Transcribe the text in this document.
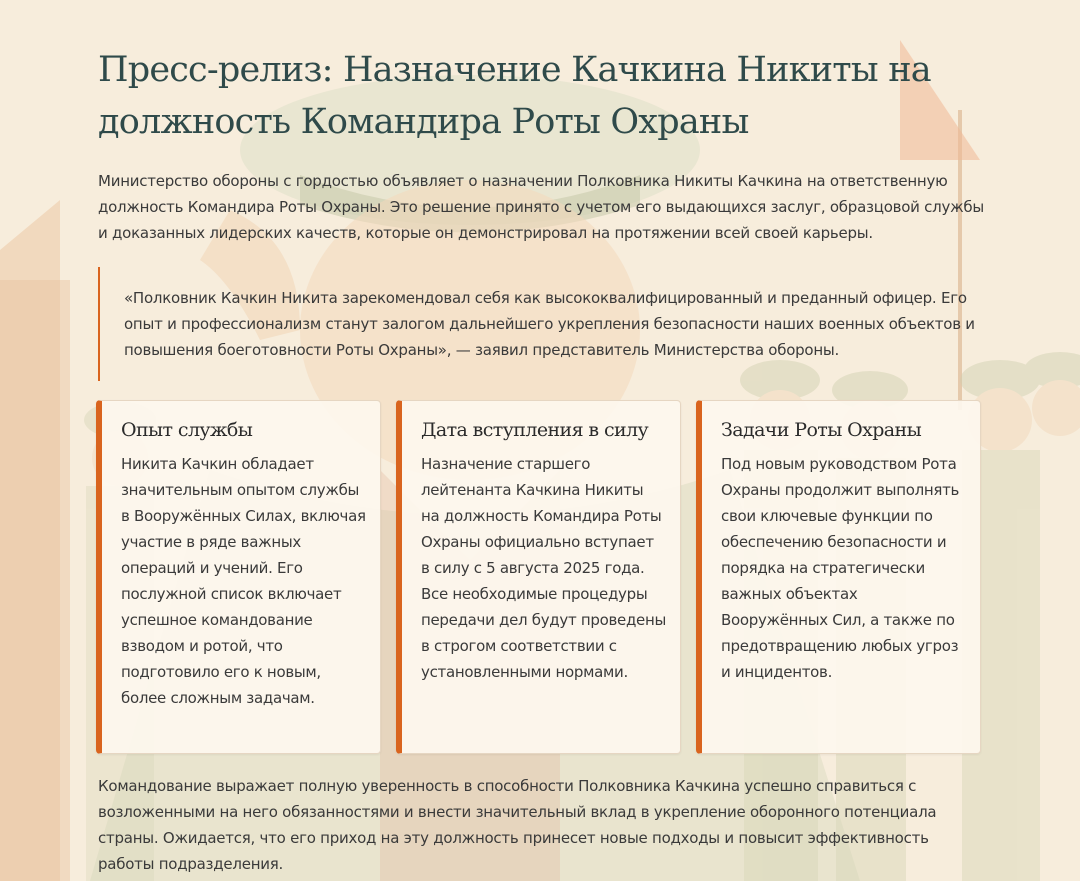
Пресс-релиз: Назначение Качкина Никиты на должность Командира Роты Охраны

Министерство обороны с гордостью объявляет о назначении Полковника Никиты Качкина на ответственную должность Командира Роты Охраны. Это решение принято с учетом его выдающихся заслуг, образцовой службы и доказанных лидерских качеств, которые он демонстрировал на протяжении всей своей карьеры.

«Полковник Качкин Никита зарекомендовал себя как высококвалифицированный и преданный офицер. Его опыт и профессионализм станут залогом дальнейшего укрепления безопасности наших военных объектов и повышения боеготовности Роты Охраны», — заявил представитель Министерства обороны.
Опыт службы

Никита Качкин обладает значительным опытом службы в Вооружённых Силах, включая участие в ряде важных операций и учений. Его послужной список включает успешное командование взводом и ротой, что подготовило его к новым, более сложным задачам.

Дата вступления в силу

Назначение старшего лейтенанта Качкина Никиты на должность Командира Роты Охраны официально вступает в силу с 5 августа 2025 года. Все необходимые процедуры передачи дел будут проведены в строгом соответствии с установленными нормами.

Задачи Роты Охраны

Под новым руководством Рота Охраны продолжит выполнять свои ключевые функции по обеспечению безопасности и порядка на стратегически важных объектах Вооружённых Сил, а также по предотвращению любых угроз и инцидентов.

Командование выражает полную уверенность в способности Полковника Качкина успешно справиться с возложенными на него обязанностями и внести значительный вклад в укрепление оборонного потенциала страны. Ожидается, что его приход на эту должность принесет новые подходы и повысит эффективность работы подразделения.
